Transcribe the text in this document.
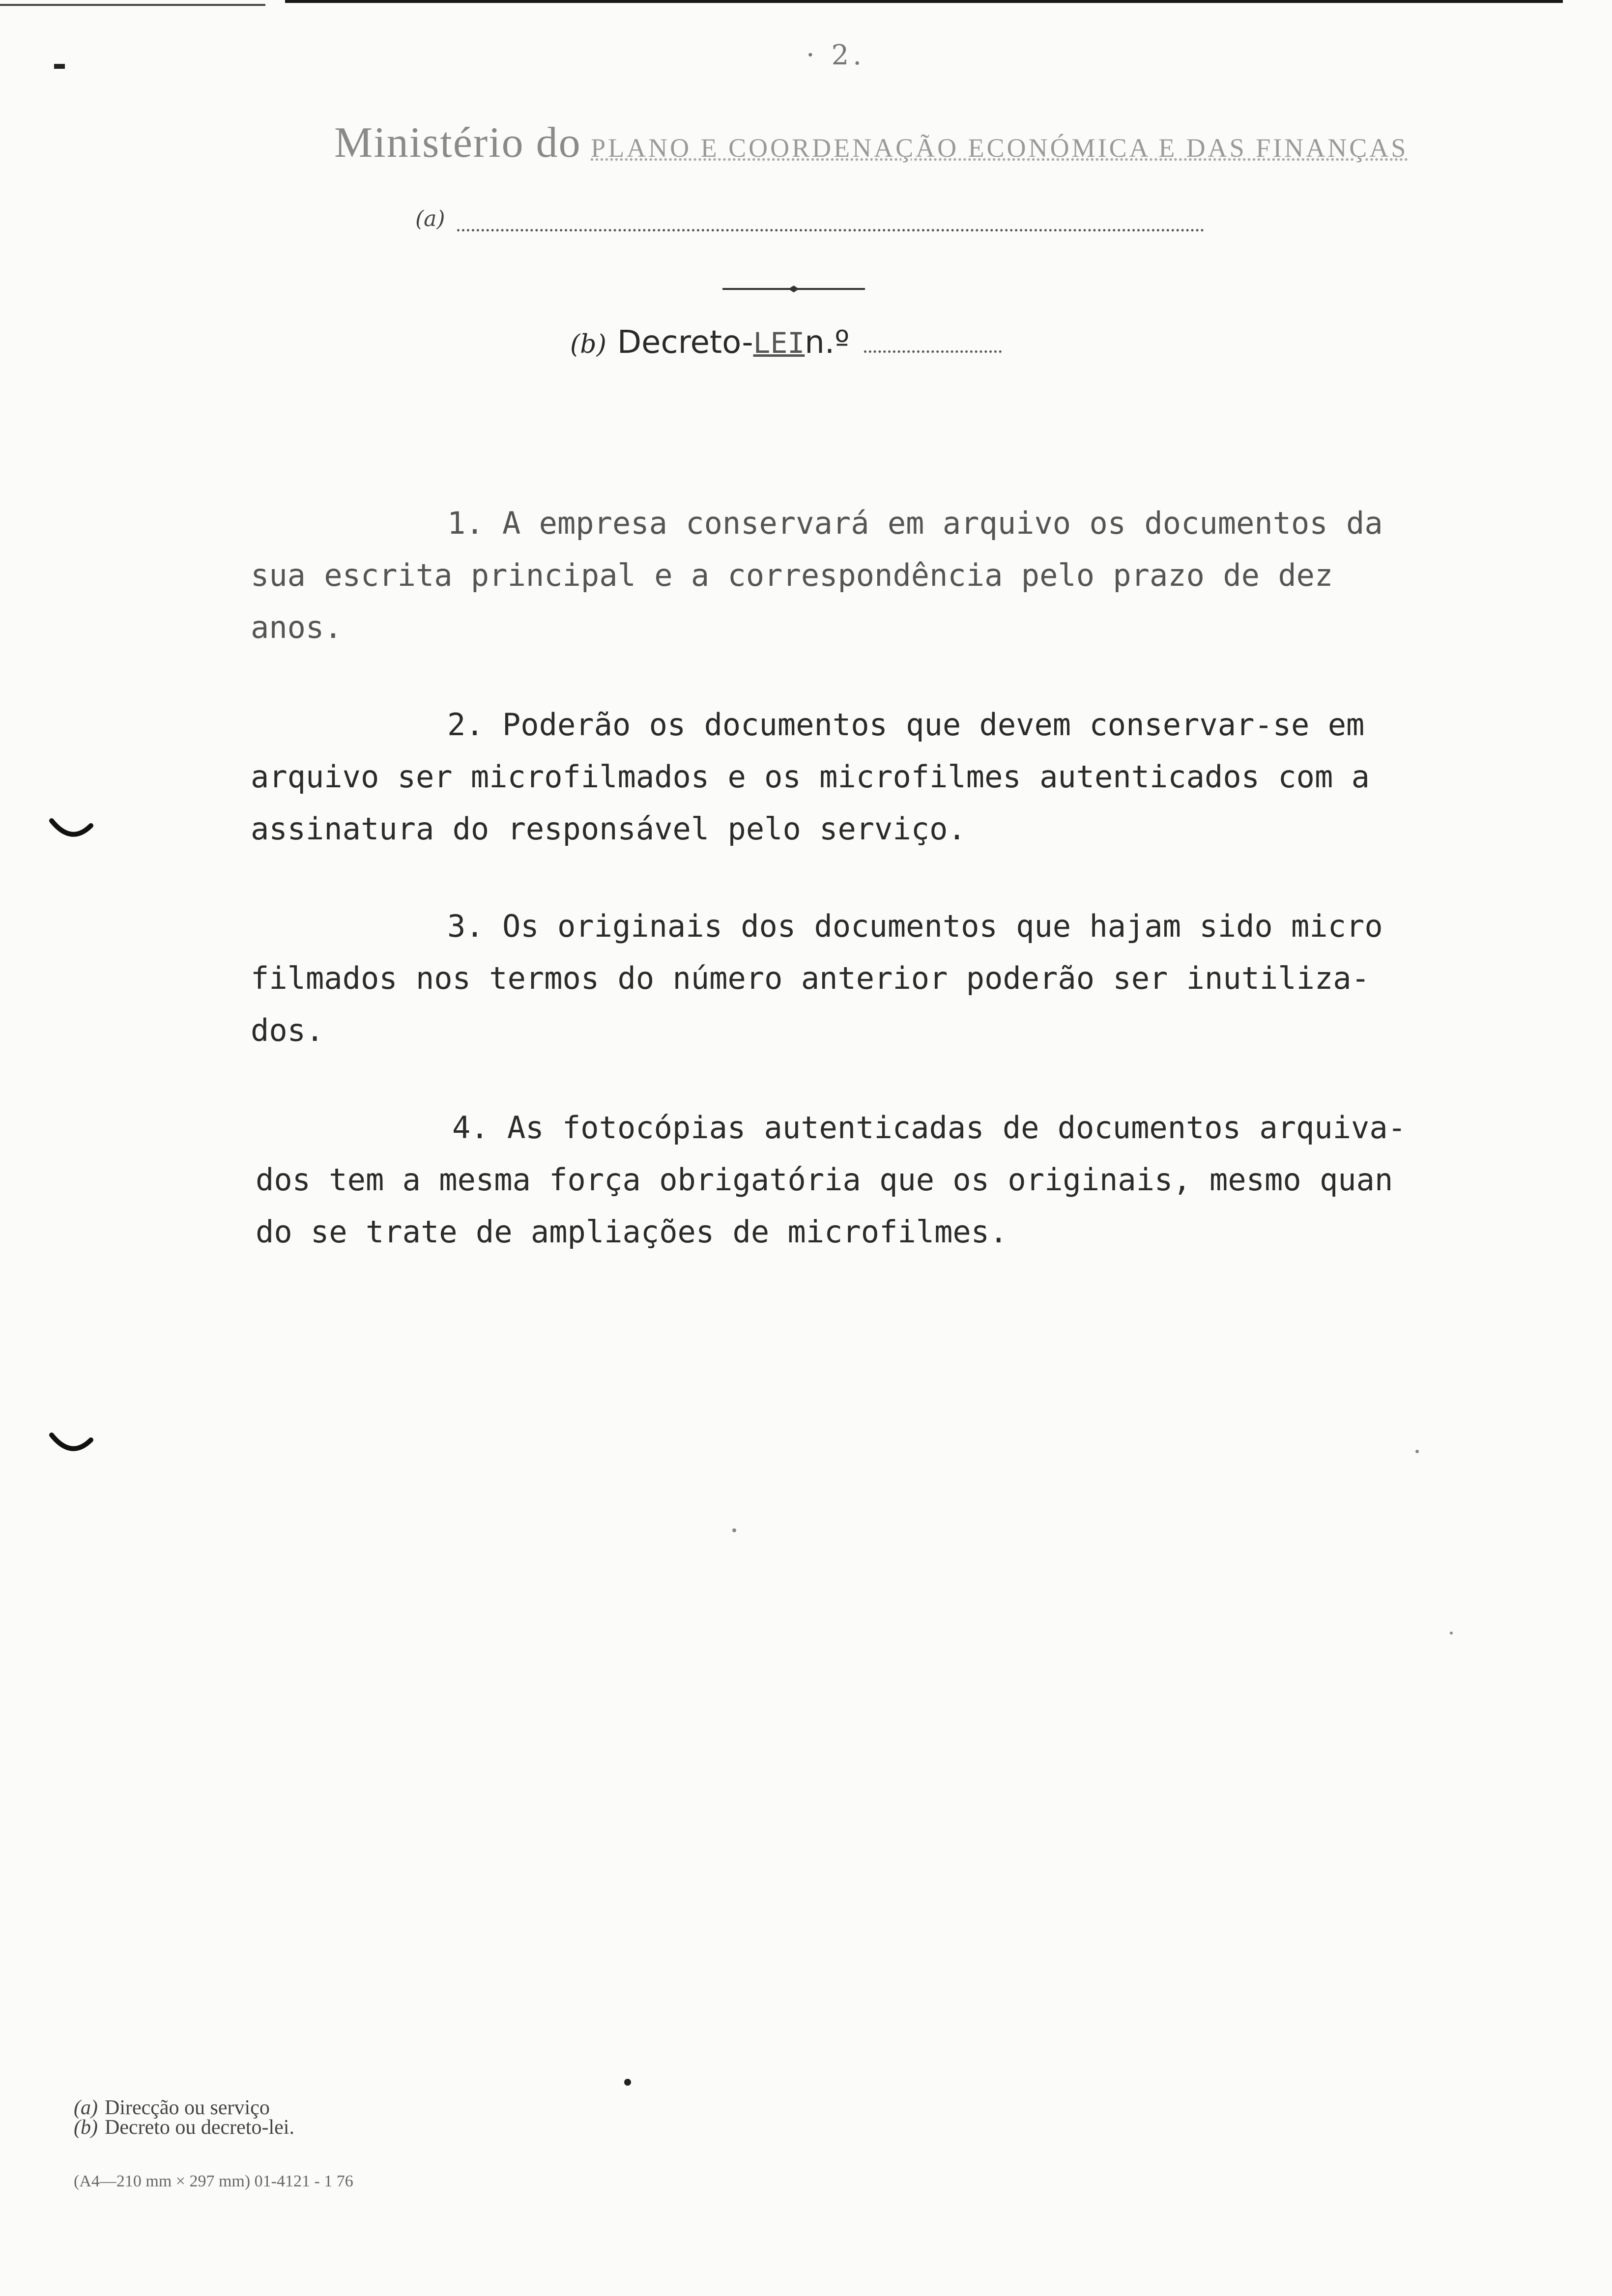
· 2.
Ministério do PLANO E COORDENAÇÃO ECONÓMICA E DAS FINANÇAS
(a)
(b) Decreto- LEI n.º
1. A empresa conservará em arquivo os documentos da
sua escrita principal e a correspondência pelo prazo de dez
anos.
2. Poderão os documentos que devem conservar-se em
arquivo ser microfilmados e os microfilmes autenticados com a
assinatura do responsável pelo serviço.
3. Os originais dos documentos que hajam sido micro
filmados nos termos do número anterior poderão ser inutiliza-
dos.
4. As fotocópias autenticadas de documentos arquiva-
dos tem a mesma força obrigatória que os originais, mesmo quan
do se trate de ampliações de microfilmes.
(a) Direcção ou serviço
(b) Decreto ou decreto-lei.
(A4—210 mm × 297 mm) 01-4121 - 1 76
